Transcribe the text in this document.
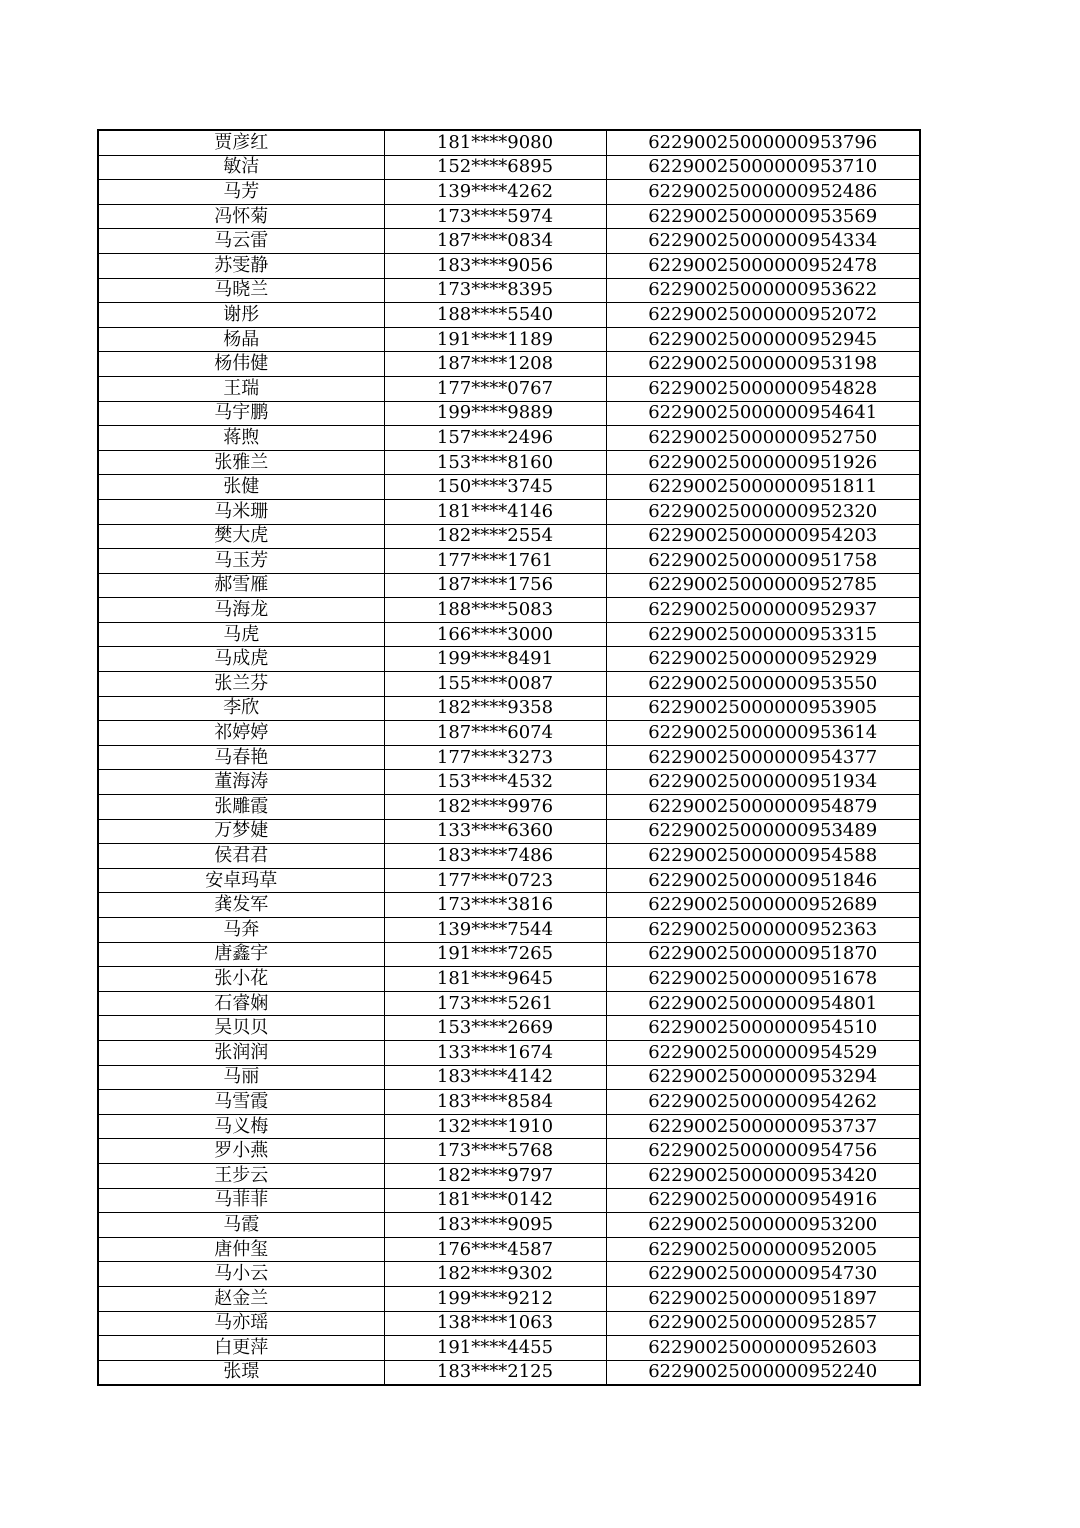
贾彦红	181****9080	62290025000000953796
敏洁	152****6895	62290025000000953710
马芳	139****4262	62290025000000952486
冯怀菊	173****5974	62290025000000953569
马云雷	187****0834	62290025000000954334
苏雯静	183****9056	62290025000000952478
马晓兰	173****8395	62290025000000953622
谢彤	188****5540	62290025000000952072
杨晶	191****1189	62290025000000952945
杨伟健	187****1208	62290025000000953198
王瑞	177****0767	62290025000000954828
马宇鹏	199****9889	62290025000000954641
蒋煦	157****2496	62290025000000952750
张雅兰	153****8160	62290025000000951926
张健	150****3745	62290025000000951811
马米珊	181****4146	62290025000000952320
樊大虎	182****2554	62290025000000954203
马玉芳	177****1761	62290025000000951758
郝雪雁	187****1756	62290025000000952785
马海龙	188****5083	62290025000000952937
马虎	166****3000	62290025000000953315
马成虎	199****8491	62290025000000952929
张兰芬	155****0087	62290025000000953550
李欣	182****9358	62290025000000953905
祁婷婷	187****6074	62290025000000953614
马春艳	177****3273	62290025000000954377
董海涛	153****4532	62290025000000951934
张雕霞	182****9976	62290025000000954879
万梦婕	133****6360	62290025000000953489
侯君君	183****7486	62290025000000954588
安卓玛草	177****0723	62290025000000951846
龚发军	173****3816	62290025000000952689
马奔	139****7544	62290025000000952363
唐鑫宇	191****7265	62290025000000951870
张小花	181****9645	62290025000000951678
石睿娴	173****5261	62290025000000954801
吴贝贝	153****2669	62290025000000954510
张润润	133****1674	62290025000000954529
马丽	183****4142	62290025000000953294
马雪霞	183****8584	62290025000000954262
马义梅	132****1910	62290025000000953737
罗小燕	173****5768	62290025000000954756
王步云	182****9797	62290025000000953420
马菲菲	181****0142	62290025000000954916
马霞	183****9095	62290025000000953200
唐仲玺	176****4587	62290025000000952005
马小云	182****9302	62290025000000954730
赵金兰	199****9212	62290025000000951897
马亦瑶	138****1063	62290025000000952857
白更萍	191****4455	62290025000000952603
张璟	183****2125	62290025000000952240
